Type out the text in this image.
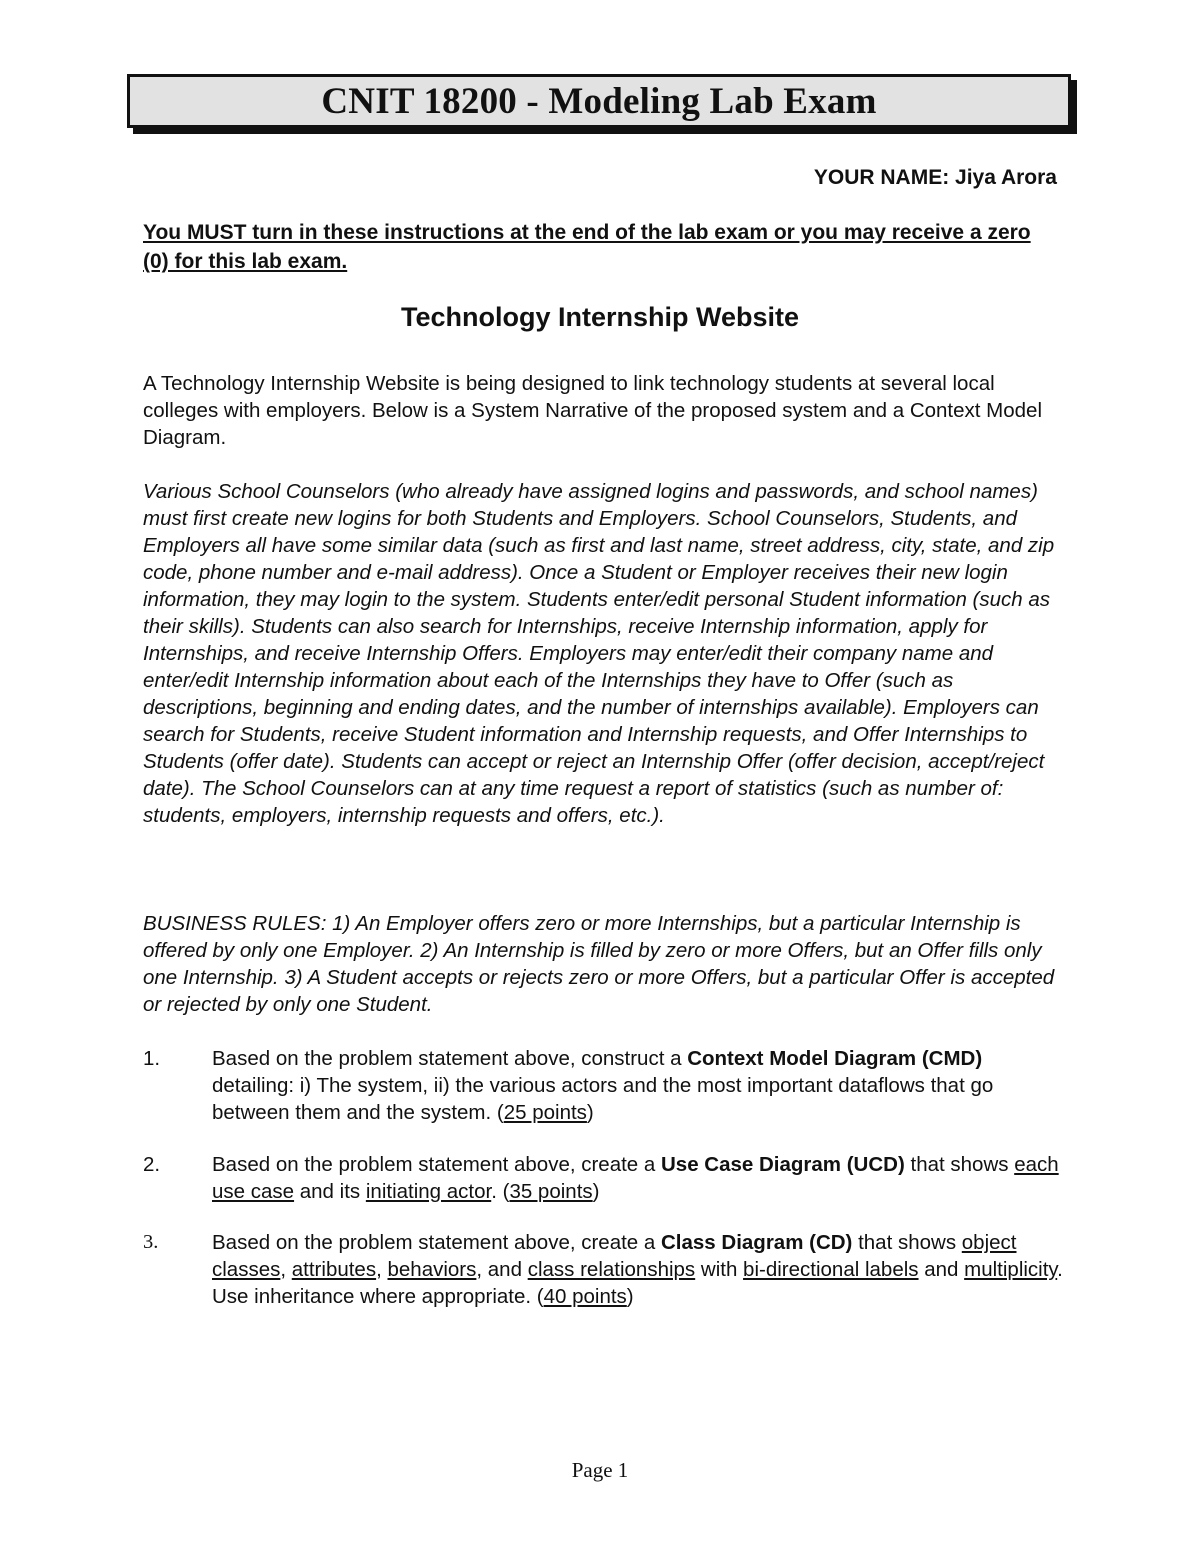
CNIT 18200 - Modeling Lab Exam
YOUR NAME: Jiya Arora
You MUST turn in these instructions at the end of the lab exam or you may receive a zero (0) for this lab exam.
Technology Internship Website
A Technology Internship Website is being designed to link technology students at several local colleges with employers. Below is a System Narrative of the proposed system and a Context Model Diagram.
Various School Counselors (who already have assigned logins and passwords, and school names) must first create new logins for both Students and Employers. School Counselors, Students, and Employers all have some similar data (such as first and last name, street address, city, state, and zip code, phone number and e-mail address). Once a Student or Employer receives their new login information, they may login to the system. Students enter/edit personal Student information (such as their skills). Students can also search for Internships, receive Internship information, apply for Internships, and receive Internship Offers. Employers may enter/edit their company name and enter/edit Internship information about each of the Internships they have to Offer (such as descriptions, beginning and ending dates, and the number of internships available). Employers can search for Students, receive Student information and Internship requests, and Offer Internships to Students (offer date). Students can accept or reject an Internship Offer (offer decision, accept/reject date). The School Counselors can at any time request a report of statistics (such as number of: students, employers, internship requests and offers, etc.).
BUSINESS RULES: 1) An Employer offers zero or more Internships, but a particular Internship is offered by only one Employer. 2) An Internship is filled by zero or more Offers, but an Offer fills only one Internship. 3) A Student accepts or rejects zero or more Offers, but a particular Offer is accepted or rejected by only one Student.
1.	Based on the problem statement above, construct a Context Model Diagram (CMD) detailing: i) The system, ii) the various actors and the most important dataflows that go between them and the system. (25 points)
2.	Based on the problem statement above, create a Use Case Diagram (UCD) that shows each use case and its initiating actor. (35 points)
3.	Based on the problem statement above, create a Class Diagram (CD) that shows object classes, attributes, behaviors, and class relationships with bi-directional labels and multiplicity. Use inheritance where appropriate. (40 points)
Page 1
